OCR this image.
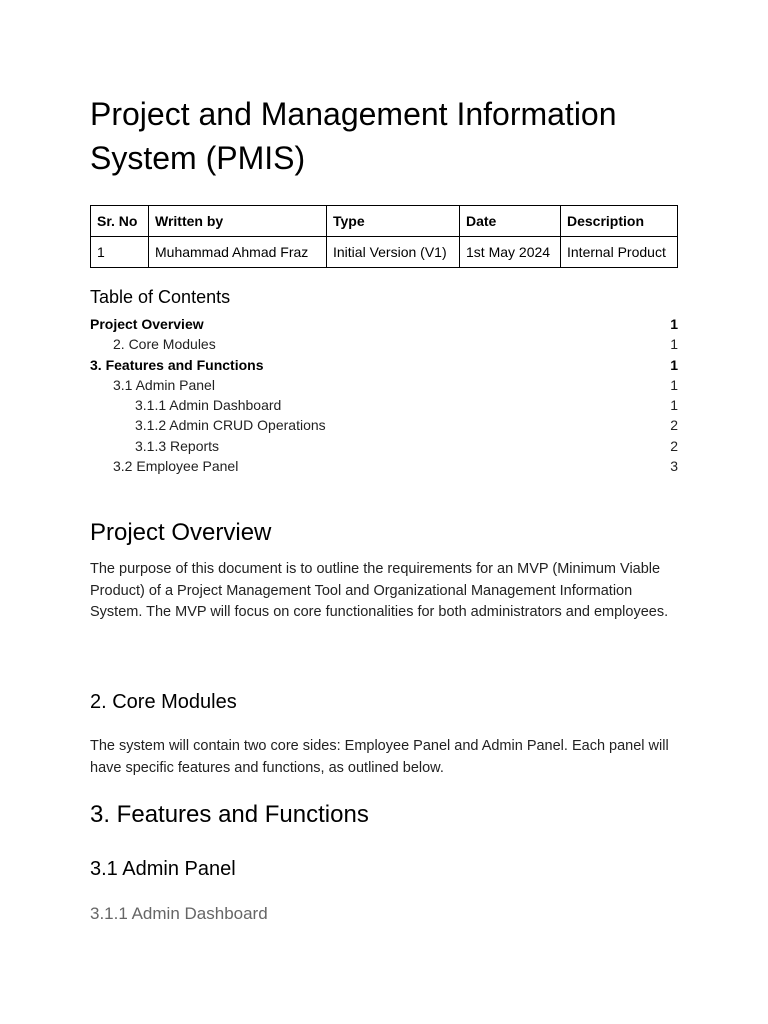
Project and Management Information System (PMIS)
Sr. No	Written by	Type	Date	Description
1	Muhammad Ahmad Fraz	Initial Version (V1)	1st May 2024	Internal Product
Table of Contents
Project Overview	1
2. Core Modules	1
3. Features and Functions	1
3.1 Admin Panel	1
3.1.1 Admin Dashboard	1
3.1.2 Admin CRUD Operations	2
3.1.3 Reports	2
3.2 Employee Panel	3
Project Overview

The purpose of this document is to outline the requirements for an MVP (Minimum Viable Product) of a Project Management Tool and Organizational Management Information System. The MVP will focus on core functionalities for both administrators and employees.

2. Core Modules

The system will contain two core sides: Employee Panel and Admin Panel. Each panel will have specific features and functions, as outlined below.

3. Features and Functions
3.1 Admin Panel
3.1.1 Admin Dashboard
